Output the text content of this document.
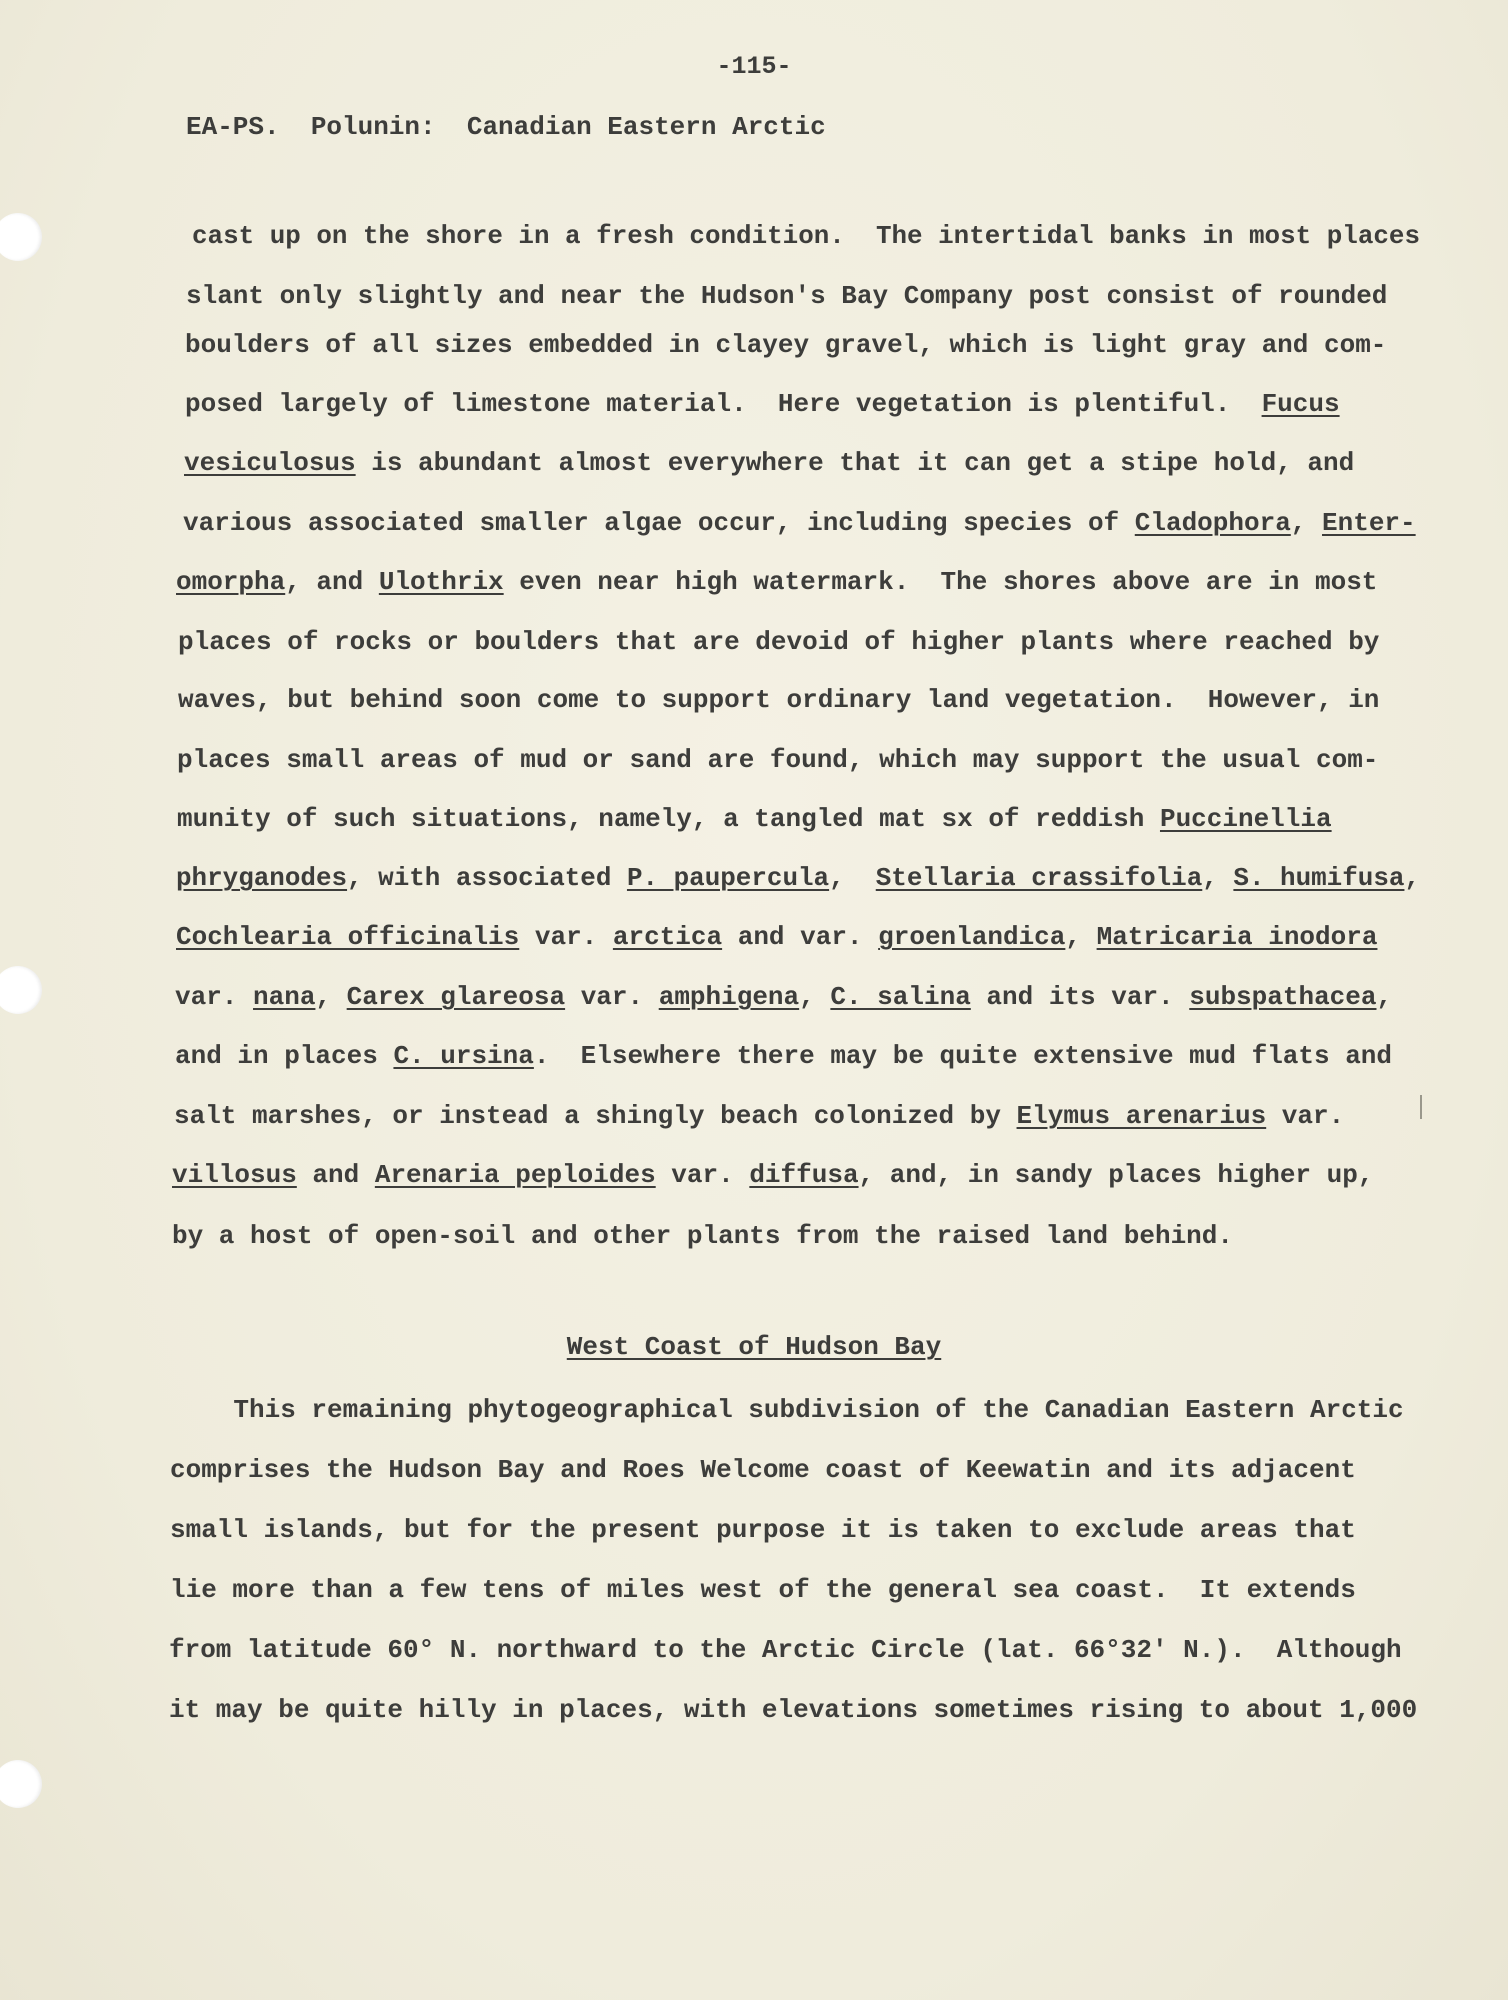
-115-
EA-PS.  Polunin:  Canadian Eastern Arctic
cast up on the shore in a fresh condition.  The intertidal banks in most places
slant only slightly and near the Hudson's Bay Company post consist of rounded
boulders of all sizes embedded in clayey gravel, which is light gray and com-
posed largely of limestone material.  Here vegetation is plentiful.  Fucus
vesiculosus is abundant almost everywhere that it can get a stipe hold, and
various associated smaller algae occur, including species of Cladophora, Enter-
omorpha, and Ulothrix even near high watermark.  The shores above are in most
places of rocks or boulders that are devoid of higher plants where reached by
waves, but behind soon come to support ordinary land vegetation.  However, in
places small areas of mud or sand are found, which may support the usual com-
munity of such situations, namely, a tangled mat sx of reddish Puccinellia
phryganodes, with associated P. paupercula,  Stellaria crassifolia, S. humifusa,
Cochlearia officinalis var. arctica and var. groenlandica, Matricaria inodora
var. nana, Carex glareosa var. amphigena, C. salina and its var. subspathacea,
and in places C. ursina.  Elsewhere there may be quite extensive mud flats and
salt marshes, or instead a shingly beach colonized by Elymus arenarius var.
villosus and Arenaria peploides var. diffusa, and, in sandy places higher up,
by a host of open-soil and other plants from the raised land behind.
West Coast of Hudson Bay
This remaining phytogeographical subdivision of the Canadian Eastern Arctic
comprises the Hudson Bay and Roes Welcome coast of Keewatin and its adjacent
small islands, but for the present purpose it is taken to exclude areas that
lie more than a few tens of miles west of the general sea coast.  It extends
from latitude 60° N. northward to the Arctic Circle (lat. 66°32' N.).  Although
it may be quite hilly in places, with elevations sometimes rising to about 1,000
